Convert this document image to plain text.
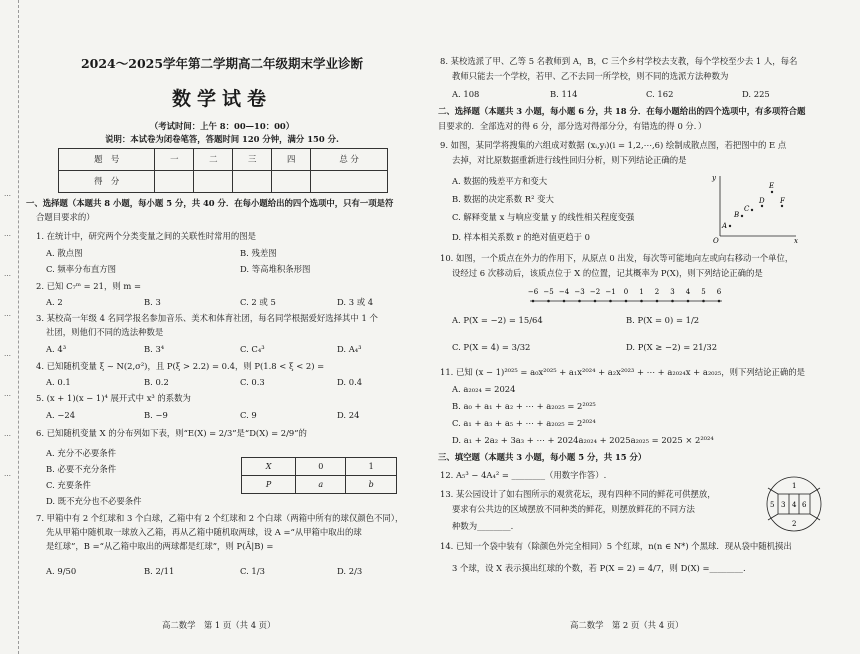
…
…
…
…
…
…
…
…
2024～2025学年第二学期高二年级期末学业诊断
数学试卷
（考试时间：上午 8：00—10：00）
说明：本试卷为闭卷笔答，答题时间 120 分钟，满分 150 分.
题　号	一	二	三	四	总 分
得　分					
一、选择题（本题共 8 小题，每小题 5 分，共 40 分．在每小题给出的四个选项中，只有一项是符
合题目要求的）
1. 在统计中，研究两个分类变量之间的关联性时常用的图是
A. 散点图	B. 残差图
C. 频率分布直方图	D. 等高堆积条形图
2. 已知 C₇ᵐ = 21，则 m =
A. 2	B. 3	C. 2 或 5	D. 3 或 4
3. 某校高一年级 4 名同学报名参加音乐、美术和体育社团，每名同学根据爱好选择其中 1 个
社团，则他们不同的选法种数是
A. 4³	B. 3⁴	C. C₄³	D. A₄³
4. 已知随机变量 ξ ~ N(2,σ²)，且 P(ξ > 2.2) = 0.4，则 P(1.8 < ξ < 2) =
A. 0.1	B. 0.2	C. 0.3	D. 0.4
5. (x + 1)(x − 1)⁴ 展开式中 x³ 的系数为
A. −24	B. −9	C. 9	D. 24
6. 已知随机变量 X 的分布列如下表，则“E(X) = 2/3”是“D(X) = 2/9”的
A. 充分不必要条件
B. 必要不充分条件
C. 充要条件
D. 既不充分也不必要条件
X	0	1
P	a	b
7. 甲箱中有 2 个红球和 3 个白球，乙箱中有 2 个红球和 2 个白球（两箱中所有的球仅颜色不同），
先从甲箱中随机取一球放入乙箱，再从乙箱中随机取两球，设 A =“从甲箱中取出的球
是红球”，B =“从乙箱中取出的两球都是红球”，则 P(Ā|B) =
A. 9/50	B. 2/11	C. 1/3	D. 2/3
高二数学　第 1 页（共 4 页）
8. 某校选派了甲、乙等 5 名教师到 A，B，C 三个乡村学校去支教，每个学校至少去 1 人，每名
教师只能去一个学校，若甲、乙不去同一所学校，则不同的选派方法种数为
A. 108	B. 114	C. 162	D. 225
二、选择题（本题共 3 小题，每小题 6 分，共 18 分．在每小题给出的四个选项中，有多项符合题
目要求的．全部选对的得 6 分，部分选对得部分分，有错选的得 0 分．）
9. 如图，某同学将搜集的六组成对数据 (xᵢ,yᵢ)(i = 1,2,⋯,6) 绘制成散点图，若把图中的 E 点
去掉，对比原数据重新进行线性回归分析，则下列结论正确的是
A. 数据的残差平方和变大
B. 数据的决定系数 R² 变大
C. 解释变量 x 与响应变量 y 的线性相关程度变强
D. 样本相关系数 r 的绝对值更趋于 0	x
y
O
A
B
C
D
E
F
10. 如图，一个质点在外力的作用下，从原点 0 出发，每次等可能地向左或向右移动一个单位，
设经过 6 次移动后，该质点位于 X 的位置，记其概率为 P(X)，则下列结论正确的是
−6 −5 −4 −3 −2 −1 0 1 2 3 4 5 6
A. P(X = −2) = 15/64	B. P(X = 0) = 1/2
C. P(X = 4) = 3/32	D. P(X ≥ −2) = 21/32
11. 已知 (x − 1)²⁰²⁵ = a₀x²⁰²⁵ + a₁x²⁰²⁴ + a₂x²⁰²³ + ⋯ + a₂₀₂₄x + a₂₀₂₅，则下列结论正确的是
A. a₂₀₂₄ = 2024
B. a₀ + a₁ + a₂ + ⋯ + a₂₀₂₅ = 2²⁰²⁵
C. a₁ + a₃ + a₅ + ⋯ + a₂₀₂₅ = 2²⁰²⁴
D. a₁ + 2a₂ + 3a₃ + ⋯ + 2024a₂₀₂₄ + 2025a₂₀₂₅ = 2025 × 2²⁰²⁴
三、填空题（本题共 3 小题，每小题 5 分，共 15 分）
12. A₅³ − 4A₄² = ________（用数字作答）.
13. 某公园设计了如右图所示的观赏花坛，现有四种不同的鲜花可供摆放，
要求有公共边的区域摆放不同种类的鲜花，则摆放鲜花的不同方法
种数为________.
1
2
3 4
5	6
14. 已知一个袋中装有（除颜色外完全相同）5 个红球，n(n ∈ N*) 个黑球．现从袋中随机摸出
3 个球，设 X 表示摸出红球的个数，若 P(X = 2) = 4/7，则 D(X) =________.
高二数学　第 2 页（共 4 页）
